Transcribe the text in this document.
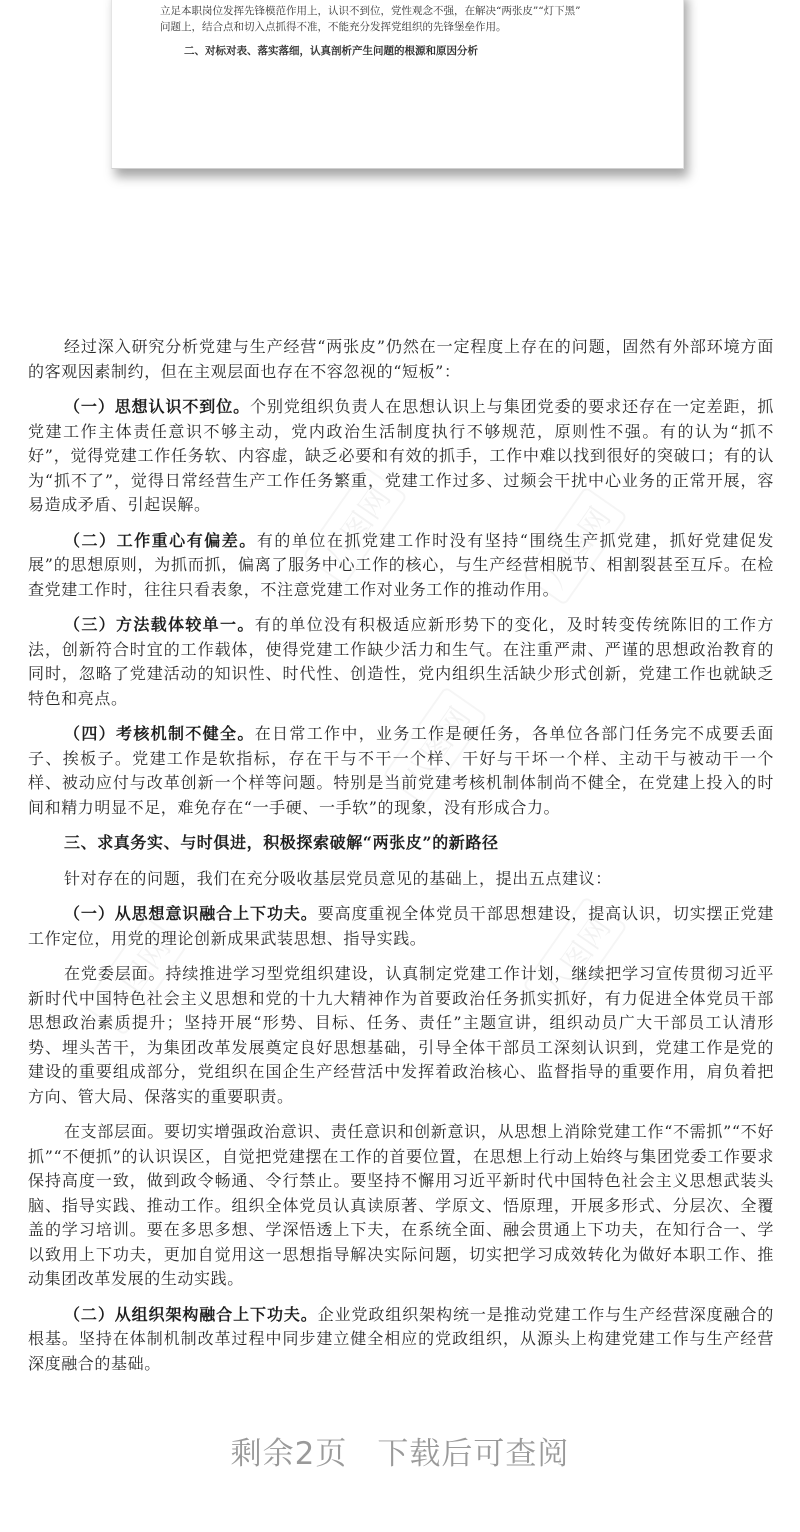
立足本职岗位发挥先锋模范作用上，认识不到位，党性观念不强，在解决“两张皮”“灯下黑”
问题上，结合点和切入点抓得不准，不能充分发挥党组织的先锋堡垒作用。
二、对标对表、落实落细，认真剖析产生问题的根源和原因分析
八图网	八图网
八图网
八图网	八图网

经过深入研究分析党建与生产经营“两张皮”仍然在一定程度上存在的问题，固然有外部环境方面的客观因素制约，但在主观层面也存在不容忽视的“短板”：

（一）思想认识不到位。个别党组织负责人在思想认识上与集团党委的要求还存在一定差距，抓党建工作主体责任意识不够主动，党内政治生活制度执行不够规范，原则性不强。有的认为“抓不好”，觉得党建工作任务软、内容虚，缺乏必要和有效的抓手，工作中难以找到很好的突破口；有的认为“抓不了”，觉得日常经营生产工作任务繁重，党建工作过多、过频会干扰中心业务的正常开展，容易造成矛盾、引起误解。

（二）工作重心有偏差。有的单位在抓党建工作时没有坚持“围绕生产抓党建，抓好党建促发展”的思想原则，为抓而抓，偏离了服务中心工作的核心，与生产经营相脱节、相割裂甚至互斥。在检查党建工作时，往往只看表象，不注意党建工作对业务工作的推动作用。

（三）方法载体较单一。有的单位没有积极适应新形势下的变化，及时转变传统陈旧的工作方法，创新符合时宜的工作载体，使得党建工作缺少活力和生气。在注重严肃、严谨的思想政治教育的同时，忽略了党建活动的知识性、时代性、创造性，党内组织生活缺少形式创新，党建工作也就缺乏特色和亮点。

（四）考核机制不健全。在日常工作中，业务工作是硬任务，各单位各部门任务完不成要丢面子、挨板子。党建工作是软指标，存在干与不干一个样、干好与干坏一个样、主动干与被动干一个样、被动应付与改革创新一个样等问题。特别是当前党建考核机制体制尚不健全，在党建上投入的时间和精力明显不足，难免存在“一手硬、一手软”的现象，没有形成合力。

三、求真务实、与时俱进，积极探索破解“两张皮”的新路径

针对存在的问题，我们在充分吸收基层党员意见的基础上，提出五点建议：

（一）从思想意识融合上下功夫。要高度重视全体党员干部思想建设，提高认识，切实摆正党建工作定位，用党的理论创新成果武装思想、指导实践。

在党委层面。持续推进学习型党组织建设，认真制定党建工作计划，继续把学习宣传贯彻习近平新时代中国特色社会主义思想和党的十九大精神作为首要政治任务抓实抓好，有力促进全体党员干部思想政治素质提升；坚持开展“形势、目标、任务、责任”主题宣讲，组织动员广大干部员工认清形势、埋头苦干，为集团改革发展奠定良好思想基础，引导全体干部员工深刻认识到，党建工作是党的建设的重要组成部分，党组织在国企生产经营活中发挥着政治核心、监督指导的重要作用，肩负着把方向、管大局、保落实的重要职责。

在支部层面。要切实增强政治意识、责任意识和创新意识，从思想上消除党建工作“不需抓”“不好抓”“不便抓”的认识误区，自觉把党建摆在工作的首要位置，在思想上行动上始终与集团党委工作要求保持高度一致，做到政令畅通、令行禁止。要坚持不懈用习近平新时代中国特色社会主义思想武装头脑、指导实践、推动工作。组织全体党员认真读原著、学原文、悟原理，开展多形式、分层次、全覆盖的学习培训。要在多思多想、学深悟透上下夫，在系统全面、融会贯通上下功夫，在知行合一、学以致用上下功夫，更加自觉用这一思想指导解决实际问题，切实把学习成效转化为做好本职工作、推动集团改革发展的生动实践。

（二）从组织架构融合上下功夫。企业党政组织架构统一是推动党建工作与生产经营深度融合的根基。坚持在体制机制改革过程中同步建立健全相应的党政组织，从源头上构建党建工作与生产经营深度融合的基础。

剩余2页 下载后可查阅
